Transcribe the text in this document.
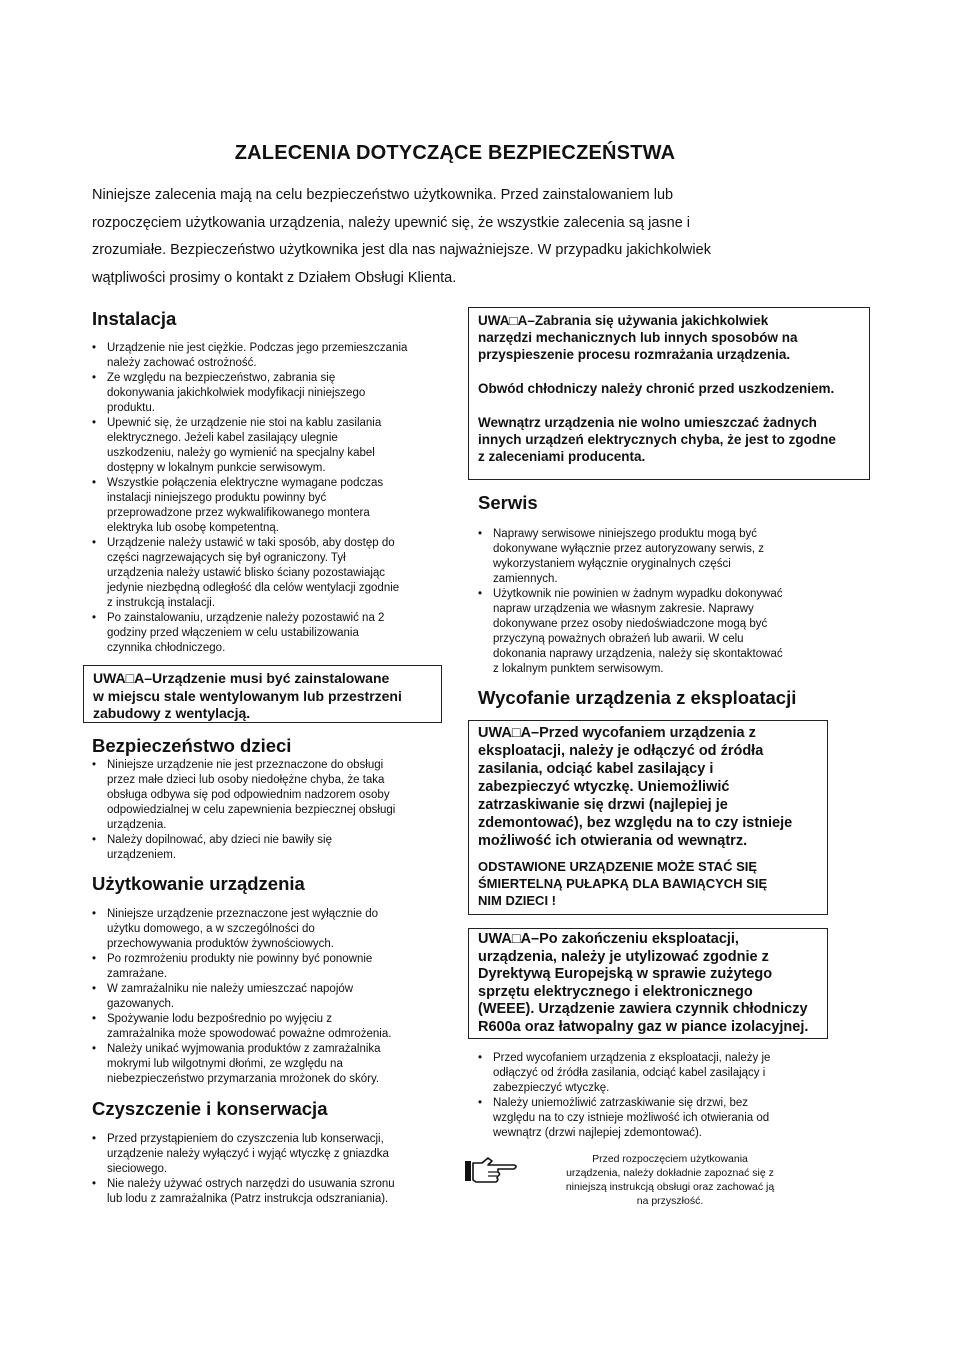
ZALECENIA DOTYCZĄCE BEZPIECZEŃSTWA

Niniejsze zalecenia mają na celu bezpieczeństwo użytkownika. Przed zainstalowaniem lub

rozpoczęciem użytkowania urządzenia, należy upewnić się, że wszystkie zalecenia są jasne i

zrozumiałe. Bezpieczeństwo użytkownika jest dla nas najważniejsze. W przypadku jakichkolwiek

wątpliwości prosimy o kontakt z Działem Obsługi Klienta.

Instalacja
• Urządzenie nie jest ciężkie. Podczas jego przemieszczania
należy zachować ostrożność.
• Ze względu na bezpieczeństwo, zabrania się
dokonywania jakichkolwiek modyfikacji niniejszego
produktu.
• Upewnić się, że urządzenie nie stoi na kablu zasilania
elektrycznego. Jeżeli kabel zasilający ulegnie
uszkodzeniu, należy go wymienić na specjalny kabel
dostępny w lokalnym punkcie serwisowym.
• Wszystkie połączenia elektryczne wymagane podczas
instalacji niniejszego produktu powinny być
przeprowadzone przez wykwalifikowanego montera
elektryka lub osobę kompetentną.
• Urządzenie należy ustawić w taki sposób, aby dostęp do
części nagrzewających się był ograniczony. Tył
urządzenia należy ustawić blisko ściany pozostawiając
jedynie niezbędną odległość dla celów wentylacji zgodnie
z instrukcją instalacji.
• Po zainstalowaniu, urządzenie należy pozostawić na 2
godziny przed włączeniem w celu ustabilizowania
czynnika chłodniczego.
UWA□A–Urządzenie musi być zainstalowane
w miejscu stale wentylowanym lub przestrzeni
zabudowy z wentylacją.
Bezpieczeństwo dzieci
• Niniejsze urządzenie nie jest przeznaczone do obsługi
przez małe dzieci lub osoby niedołężne chyba, że taka
obsługa odbywa się pod odpowiednim nadzorem osoby
odpowiedzialnej w celu zapewnienia bezpiecznej obsługi
urządzenia.
• Należy dopilnować, aby dzieci nie bawiły się
urządzeniem.
Użytkowanie urządzenia
• Niniejsze urządzenie przeznaczone jest wyłącznie do
użytku domowego, a w szczególności do
przechowywania produktów żywnościowych.
• Po rozmrożeniu produkty nie powinny być ponownie
zamrażane.
• W zamrażalniku nie należy umieszczać napojów
gazowanych.
• Spożywanie lodu bezpośrednio po wyjęciu z
zamrażalnika może spowodować poważne odmrożenia.
• Należy unikać wyjmowania produktów z zamrażalnika
mokrymi lub wilgotnymi dłońmi, ze względu na
niebezpieczeństwo przymarzania mrożonek do skóry.
Czyszczenie i konserwacja
• Przed przystąpieniem do czyszczenia lub konserwacji,
urządzenie należy wyłączyć i wyjąć wtyczkę z gniazdka
sieciowego.
• Nie należy używać ostrych narzędzi do usuwania szronu
lub lodu z zamrażalnika (Patrz instrukcja odszraniania).

UWA□A–Zabrania się używania jakichkolwiek
narzędzi mechanicznych lub innych sposobów na
przyspieszenie procesu rozmrażania urządzenia.

Obwód chłodniczy należy chronić przed uszkodzeniem.

Wewnątrz urządzenia nie wolno umieszczać żadnych
innych urządzeń elektrycznych chyba, że jest to zgodne
z zaleceniami producenta.

Serwis
• Naprawy serwisowe niniejszego produktu mogą być
dokonywane wyłącznie przez autoryzowany serwis, z
wykorzystaniem wyłącznie oryginalnych części
zamiennych.
• Użytkownik nie powinien w żadnym wypadku dokonywać
napraw urządzenia we własnym zakresie. Naprawy
dokonywane przez osoby niedoświadczone mogą być
przyczyną poważnych obrażeń lub awarii. W celu
dokonania naprawy urządzenia, należy się skontaktować
z lokalnym punktem serwisowym.
Wycofanie urządzenia z eksploatacji

UWA□A–Przed wycofaniem urządzenia z
eksploatacji, należy je odłączyć od źródła
zasilania, odciąć kabel zasilający i
zabezpieczyć wtyczkę. Uniemożliwić
zatrzaskiwanie się drzwi (najlepiej je
zdemontować), bez względu na to czy istnieje
możliwość ich otwierania od wewnątrz.

ODSTAWIONE URZĄDZENIE MOŻE STAĆ SIĘ
ŚMIERTELNĄ PUŁAPKĄ DLA BAWIĄCYCH SIĘ
NIM DZIECI !

UWA□A–Po zakończeniu eksploatacji,
urządzenia, należy je utylizować zgodnie z
Dyrektywą Europejską w sprawie zużytego
sprzętu elektrycznego i elektronicznego
(WEEE). Urządzenie zawiera czynnik chłodniczy
R600a oraz łatwopalny gaz w piance izolacyjnej.
• Przed wycofaniem urządzenia z eksploatacji, należy je
odłączyć od źródła zasilania, odciąć kabel zasilający i
zabezpieczyć wtyczkę.
• Należy uniemożliwić zatrzaskiwanie się drzwi, bez
względu na to czy istnieje możliwość ich otwierania od
wewnątrz (drzwi najlepiej zdemontować).
Przed rozpoczęciem użytkowania
urządzenia, należy dokładnie zapoznać się z
niniejszą instrukcją obsługi oraz zachować ją
na przyszłość.
